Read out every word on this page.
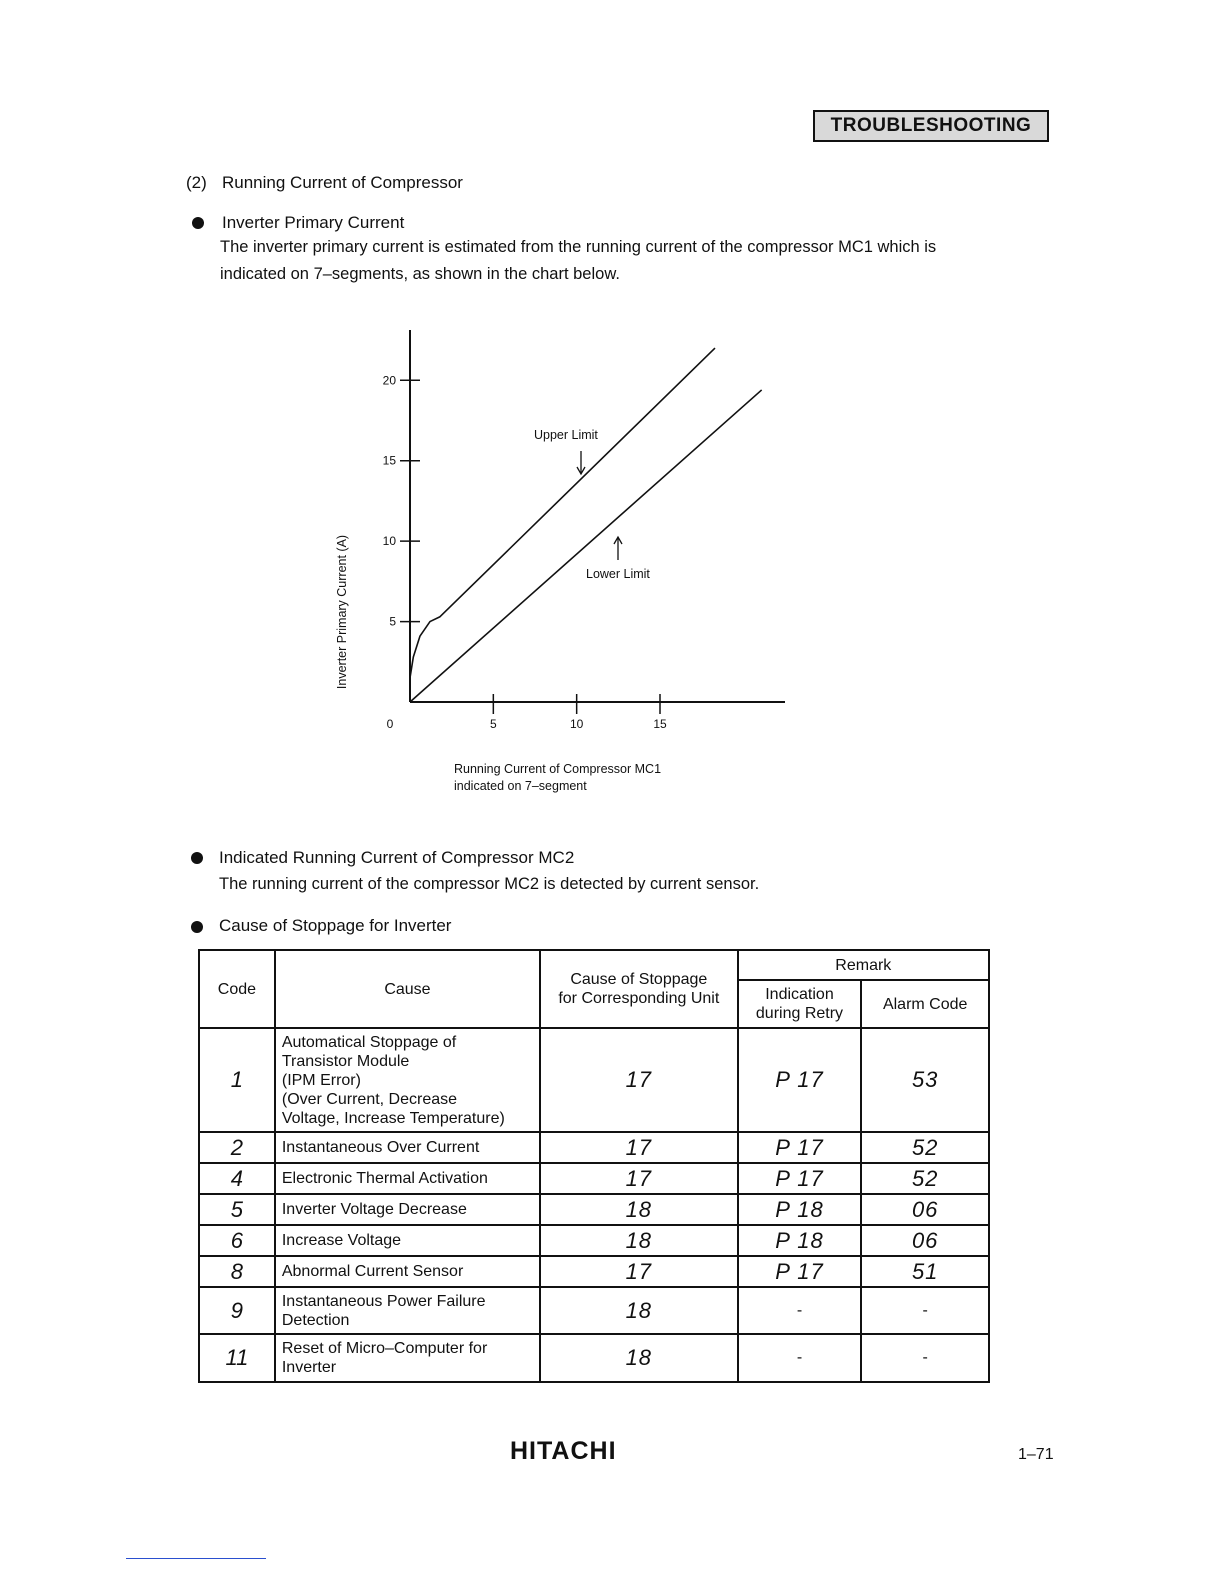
TROUBLESHOOTING
(2) Running Current of Compressor
Inverter Primary Current
The inverter primary current is estimated from the running current of the compressor MC1 which is
indicated on 7–segments, as shown in the chart below.
5
10
15
20
0	5	10	15
Inverter Primary Current (A)
Upper Limit
Lower Limit
Running Current of Compressor MC1
indicated on 7–segment
Indicated Running Current of Compressor MC2
The running current of the compressor MC2 is detected by current sensor.
Cause of Stoppage for Inverter
Code	Cause	Cause of Stoppage
for Corresponding Unit	Remark	

			Indication
during Retry	Alarm Code
1	Automatical Stoppage of
Transistor Module
(IPM Error)
(Over Current, Decrease
Voltage, Increase Temperature)	17	P 17	53
2	Instantaneous Over Current	17	P 17	52
4	Electronic Thermal Activation	17	P 17	52
5	Inverter Voltage Decrease	18	P 18	06
6	Increase Voltage	18	P 18	06
8	Abnormal Current Sensor	17	P 17	51
9	Instantaneous Power Failure
Detection	18	-	-
11	Reset of Micro–Computer for
Inverter	18	-	-
HITACHI	1–71
